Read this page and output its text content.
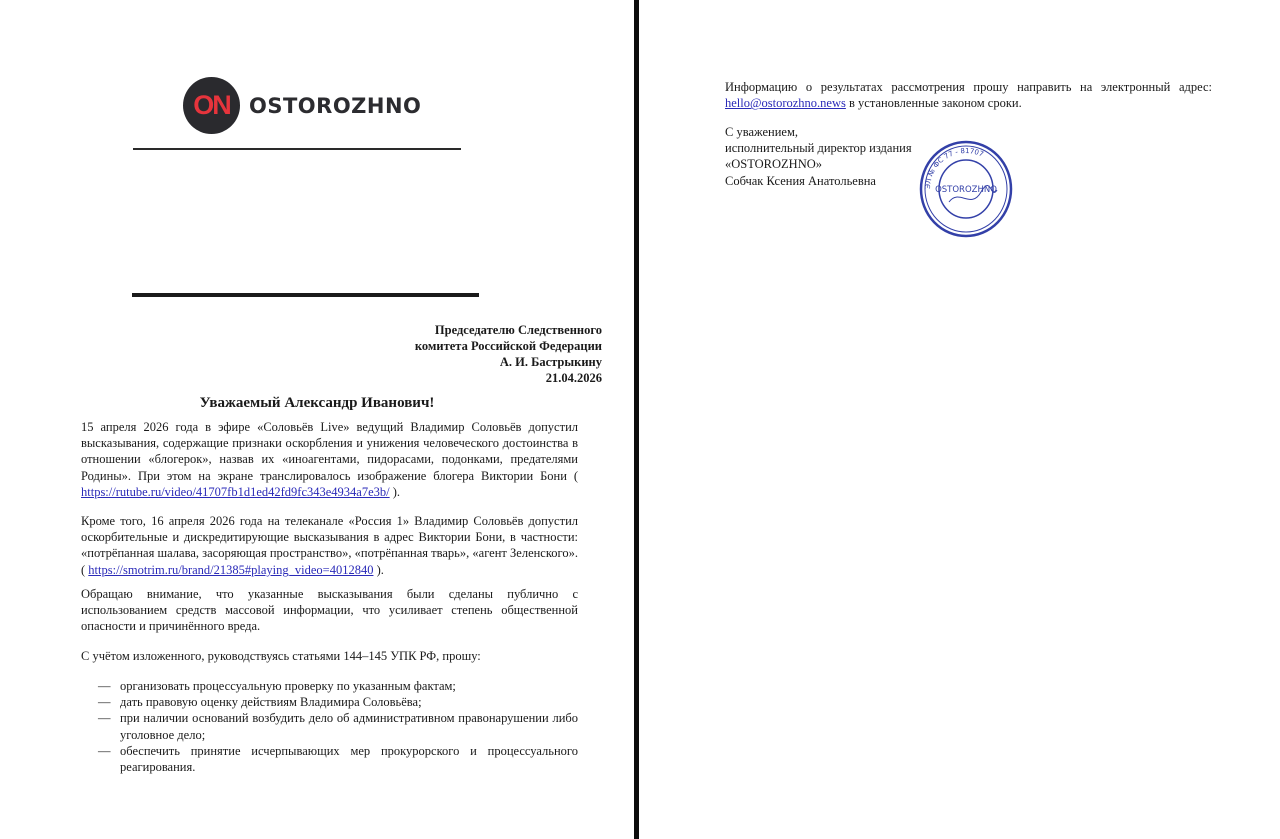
ON OSTOROZHNO
Председателю Следственного
комитета Российской Федерации
А. И. Бастрыкину
21.04.2026
Уважаемый Александр Иванович!

15 апреля 2026 года в эфире «Соловьёв Live» ведущий Владимир Соловьёв допустил высказывания, содержащие признаки оскорбления и унижения человеческого достоинства в отношении «блогерок», назвав их «иноагентами, пидорасами, подонками, предателями Родины». При этом на экране транслировалось изображение блогера Виктории Бони ( https://rutube.ru/video/41707fb1d1ed42fd9fc343e4934a7e3b/ ).

Кроме того, 16 апреля 2026 года на телеканале «Россия 1» Владимир Соловьёв допустил оскорбительные и дискредитирующие высказывания в адрес Виктории Бони, в частности: «потрёпанная шалава, засоряющая пространство», «потрёпанная тварь», «агент Зеленского». ( https://smotrim.ru/brand/21385#playing_video=4012840 ).

Обращаю внимание, что указанные высказывания были сделаны публично с использованием средств массовой информации, что усиливает степень общественной опасности и причинённого вреда.

С учётом изложенного, руководствуясь статьями 144–145 УПК РФ, прошу:

— организовать процессуальную проверку по указанным фактам;
— дать правовую оценку действиям Владимира Соловьёва;
— при наличии оснований возбудить дело об административном правонарушении либо уголовное дело;
— обеспечить принятие исчерпывающих мер прокурорского и процессуального реагирования.

Информацию о результатах рассмотрения прошу направить на электронный адрес: hello@ostorozhno.news в установленные законом сроки.

С уважением,
исполнительный директор издания
«OSTOROZHNO»
Собчак Ксения Анатольевна	ЭЛ № ФС 77 - 81707
OSTOROZHNO
